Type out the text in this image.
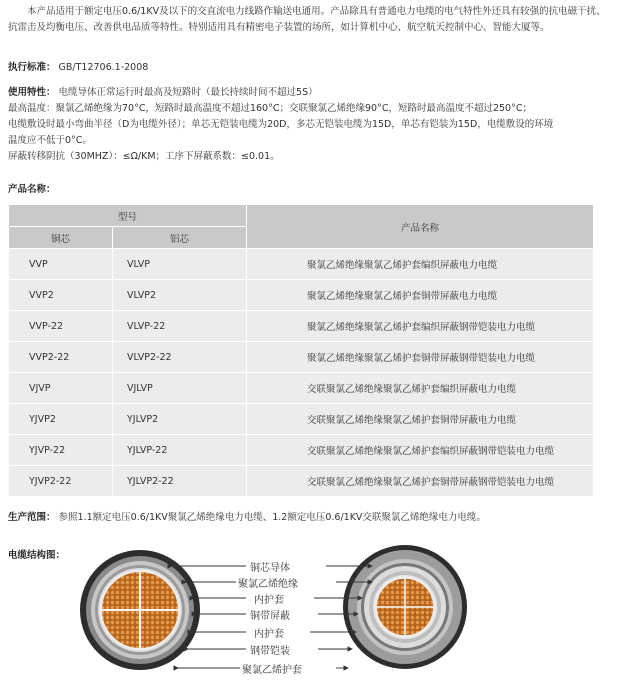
本产品适用于额定电压0.6/1KV及以下的交直流电力线路作输送电通用。产品除具有普通电力电缆的电气特性外还具有较强的抗电磁干扰、抗雷击及均衡电压、改善供电品质等特性。特别适用具有精密电子装置的场所，如计算机中心、航空航天控制中心、智能大厦等。
执行标准： GB/T12706.1-2008
使用特性： 电缆导体正常运行时最高及短路时（最长持续时间不超过5S）
最高温度：聚氯乙烯绝缘为70°C，短路时最高温度不超过160°C；交联聚氯乙烯绝缘90°C，短路时最高温度不超过250°C；
电缆敷设时最小弯曲半径（D为电缆外径）；单芯无铠装电缆为20D，多芯无铠装电缆为15D，单芯有铠装为15D，电缆敷设的环境
温度应不低于0°C。
屏蔽转移阴抗（30MHZ）：≤Ω/KM；工序下屏蔽系数：≤0.01。
产品名称：
型号		产品名称
铜芯	铝芯	
VVP	VLVP	聚氯乙烯绝缘聚氯乙烯护套编织屏蔽电力电缆
VVP2	VLVP2	聚氯乙烯绝缘聚氯乙烯护套铜带屏蔽电力电缆
VVP-22	VLVP-22	聚氯乙烯绝缘聚氯乙烯护套编织屏蔽钢带铠装电力电缆
VVP2-22	VLVP2-22	聚氯乙烯绝缘聚氯乙烯护套铜带屏蔽钢带铠装电力电缆
VJVP	VJLVP	交联聚氯乙烯绝缘聚氯乙烯护套编织屏蔽电力电缆
YJVP2	YJLVP2	交联聚氯乙烯绝缘聚氯乙烯护套铜带屏蔽电力电缆
YJVP-22	YJLVP-22	交联聚氯乙烯绝缘聚氯乙烯护套编织屏蔽钢带铠装电力电缆
YJVP2-22	YJLVP2-22	交联聚氯乙烯绝缘聚氯乙烯护套铜带屏蔽钢带铠装电力电缆
生产范围： 参照1.1额定电压0.6/1KV聚氯乙烯绝缘电力电缆、1.2额定电压0.6/1KV交联聚氯乙烯绝缘电力电缆。
电缆结构图：
铜芯导体
聚氯乙烯绝缘
内护套
铜带屏蔽
内护套
钢带铠装
聚氯乙烯护套
